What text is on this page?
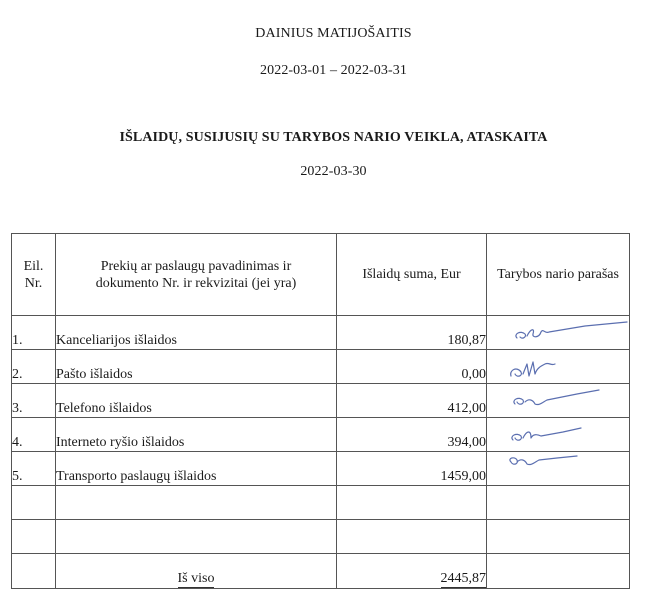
DAINIUS MATIJOŠAITIS
2022-03-01 – 2022-03-31
IŠLAIDŲ, SUSIJUSIŲ SU TARYBOS NARIO VEIKLA, ATASKAITA
2022-03-30
Eil. Nr.	Prekių ar paslaugų pavadinimas ir dokumento Nr. ir rekvizitai (jei yra)	Išlaidų suma, Eur	Tarybos nario parašas
1.	Kanceliarijos išlaidos	180,87	

2.	Pašto išlaidos	0,00	

3.	Telefono išlaidos	412,00	

4.	Interneto ryšio išlaidos	394,00	

5.	Transporto paslaugų išlaidos	1459,00	

	Iš viso	2445,87	
